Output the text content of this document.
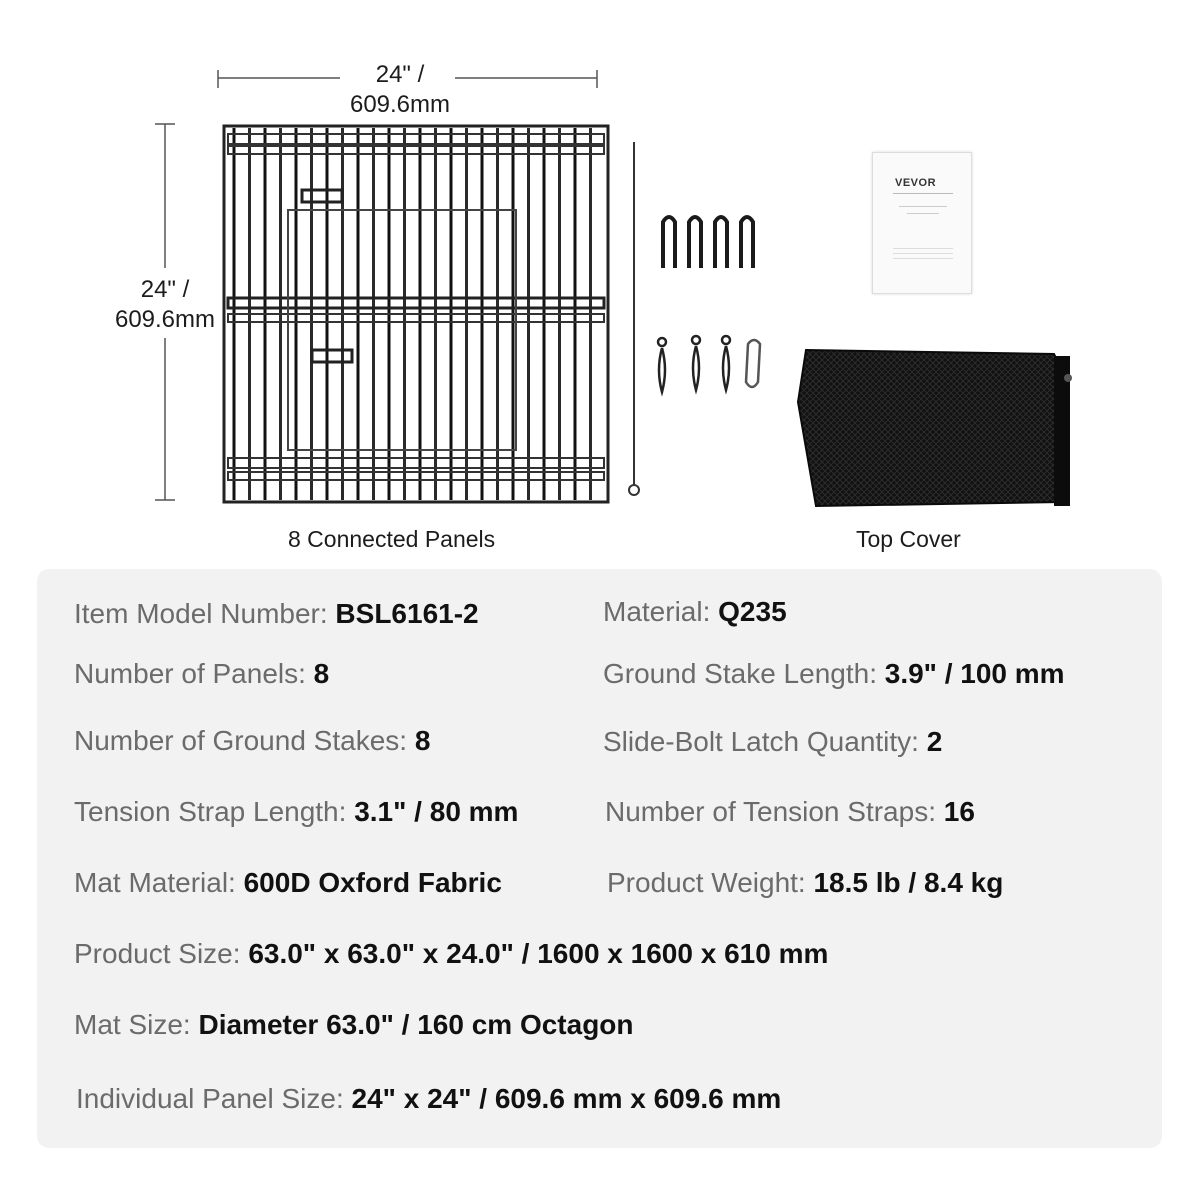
24" /
609.6mm
24" /
609.6mm
VEVOR
8 Connected Panels	Top Cover
Item Model Number: BSL6161-2	Material: Q235
Number of Panels: 8	Ground Stake Length: 3.9" / 100 mm
Number of Ground Stakes: 8	Slide-Bolt Latch Quantity: 2
Tension Strap Length: 3.1" / 80 mm	Number of Tension Straps: 16
Mat Material: 600D Oxford Fabric	Product Weight: 18.5 lb / 8.4 kg
Product Size: 63.0" x 63.0" x 24.0" / 1600 x 1600 x 610 mm
Mat Size: Diameter 63.0" / 160 cm Octagon
Individual Panel Size: 24" x 24" / 609.6 mm x 609.6 mm
